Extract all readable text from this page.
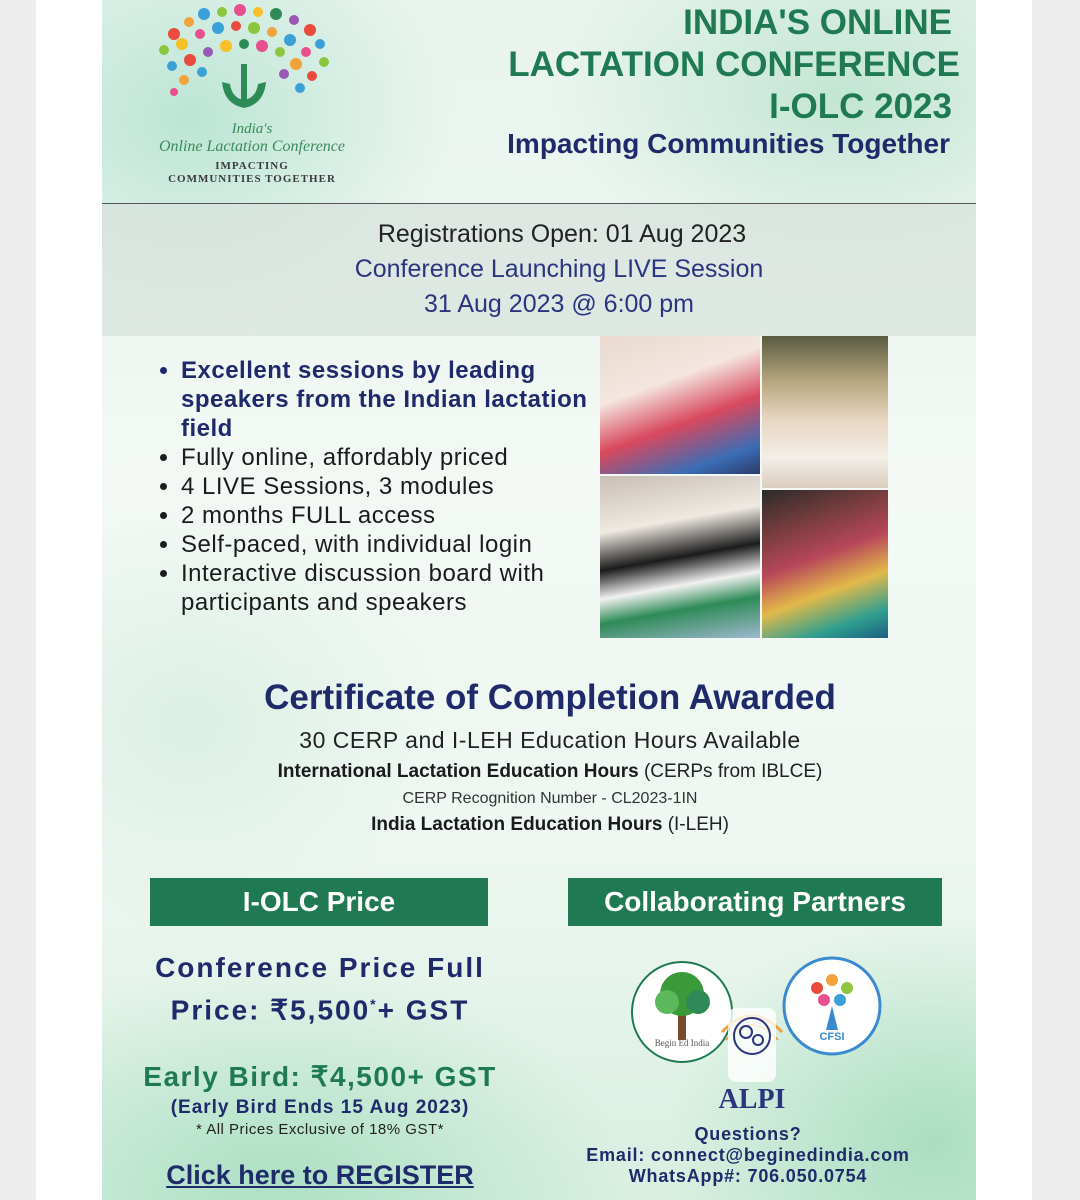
India's
Online Lactation Conference
IMPACTING
COMMUNITIES TOGETHER
INDIA'S ONLINE
LACTATION CONFERENCE
I-OLC 2023
Impacting Communities Together
Registrations Open: 01 Aug 2023
Conference Launching LIVE Session
31 Aug 2023 @ 6:00 pm
• Excellent sessions by leading speakers from the Indian lactation field
• Fully online, affordably priced
• 4 LIVE Sessions, 3 modules
• 2 months FULL access
• Self-paced, with individual login
• Interactive discussion board with participants and speakers
Certificate of Completion Awarded
30 CERP and I-LEH Education Hours Available
International Lactation Education Hours (CERPs from IBLCE)
CERP Recognition Number - CL2023-1IN
India Lactation Education Hours (I-LEH)
I-OLC Price	Collaborating Partners
Conference Price Full
Price: ₹5,500*+ GST
Early Bird: ₹4,500+ GST
(Early Bird Ends 15 Aug 2023)
* All Prices Exclusive of 18% GST*
Click here to REGISTER
Begin Ed India	CFSI
ALPI
Questions?
Email: connect@beginedindia.com
WhatsApp#: 706.050.0754
